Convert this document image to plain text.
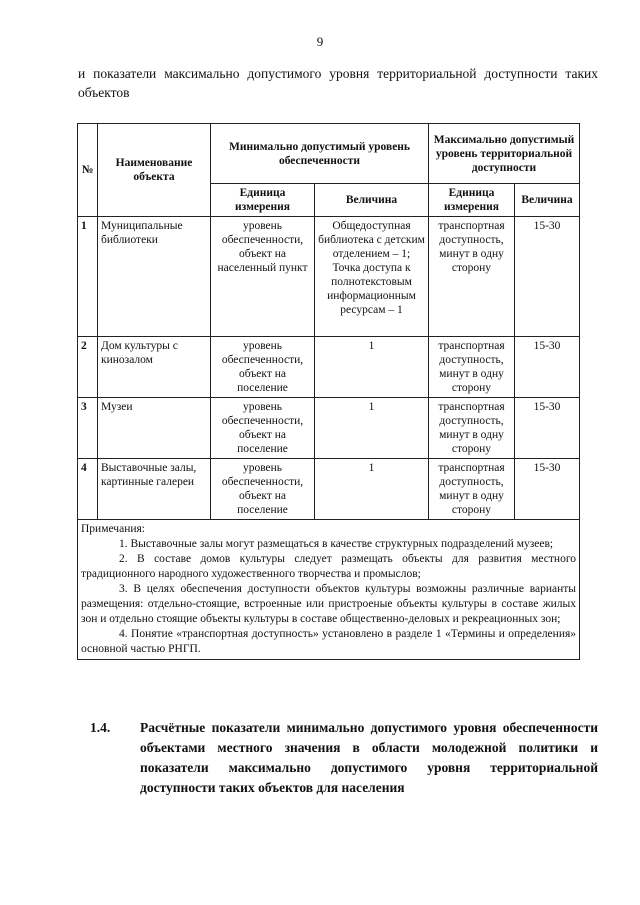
9
и показатели максимально допустимого уровня территориальной доступности таких объектов
№	Наименование объекта	Минимально допустимый уровень обеспеченности		Максимально допустимый уровень территориальной доступности	
		Единица измерения	Величина	Единица измерения	Величина
1	Муниципальные библиотеки	уровень обеспеченности, объект на населенный пункт	Общедоступная библиотека с детским отделением – 1; Точка доступа к полнотекстовым информационным ресурсам – 1	транспортная доступность, минут в одну сторону	15-30
2	Дом культуры с кинозалом	уровень обеспеченности, объект на поселение	1	транспортная доступность, минут в одну сторону	15-30
3	Музеи	уровень обеспеченности, объект на поселение	1	транспортная доступность, минут в одну сторону	15-30
4	Выставочные залы, картинные галереи	уровень обеспеченности, объект на поселение	1	транспортная доступность, минут в одну сторону	15-30

Примечания:

1. Выставочные залы могут размещаться в качестве структурных подразделений музеев;

2. В составе домов культуры следует размещать объекты для развития местного традиционного народного художественного творчества и промыслов;

3. В целях обеспечения доступности объектов культуры возможны различные варианты размещения: отдельно-стоящие, встроенные или пристроеные объекты культуры в составе жилых зон и отдельно стоящие объекты культуры в составе общественно-деловых и рекреационных зон;

4. Понятие «транспортная доступность» установлено в разделе 1 «Термины и определения» основной частью РНГП.					

1.4. Расчётные показатели минимально допустимого уровня обеспеченности объектами местного значения в области молодежной политики и показатели максимально допустимого уровня территориальной доступности таких объектов для населения
